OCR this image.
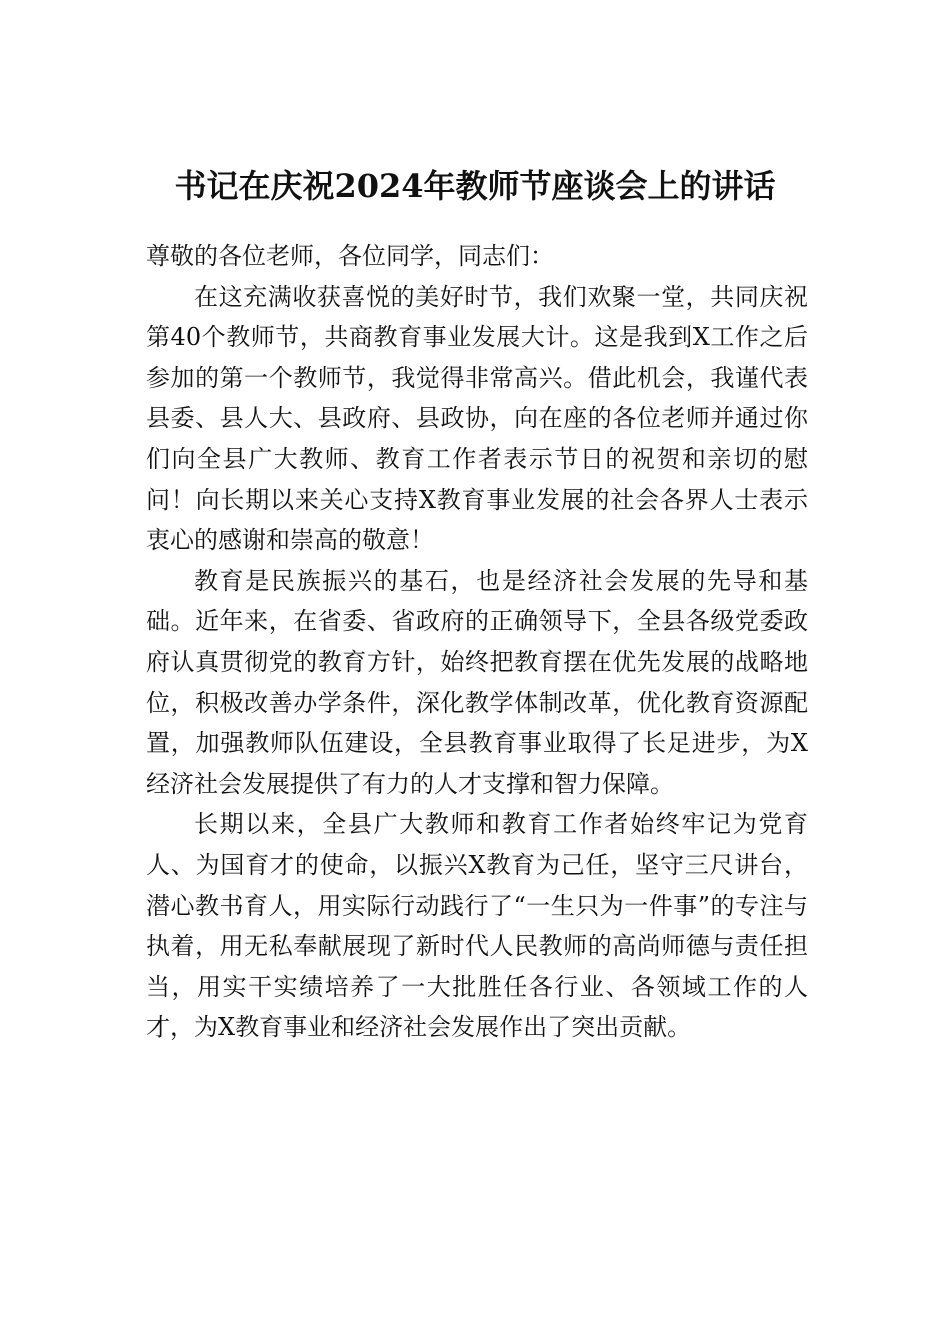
书记在庆祝2024年教师节座谈会上的讲话

尊敬的各位老师，各位同学，同志们：

在这充满收获喜悦的美好时节，我们欢聚一堂，共同庆祝第40个教师节，共商教育事业发展大计。这是我到X工作之后参加的第一个教师节，我觉得非常高兴。借此机会，我谨代表县委、县人大、县政府、县政协，向在座的各位老师并通过你们向全县广大教师、教育工作者表示节日的祝贺和亲切的慰问！向长期以来关心支持X教育事业发展的社会各界人士表示衷心的感谢和崇高的敬意！

教育是民族振兴的基石，也是经济社会发展的先导和基础。近年来，在省委、省政府的正确领导下，全县各级党委政府认真贯彻党的教育方针，始终把教育摆在优先发展的战略地位，积极改善办学条件，深化教学体制改革，优化教育资源配置，加强教师队伍建设，全县教育事业取得了长足进步，为X经济社会发展提供了有力的人才支撑和智力保障。

长期以来，全县广大教师和教育工作者始终牢记为党育人、为国育才的使命，以振兴X教育为己任，坚守三尺讲台，潜心教书育人，用实际行动践行了“一生只为一件事”的专注与执着，用无私奉献展现了新时代人民教师的高尚师德与责任担当，用实干实绩培养了一大批胜任各行业、各领域工作的人才，为X教育事业和经济社会发展作出了突出贡献。
